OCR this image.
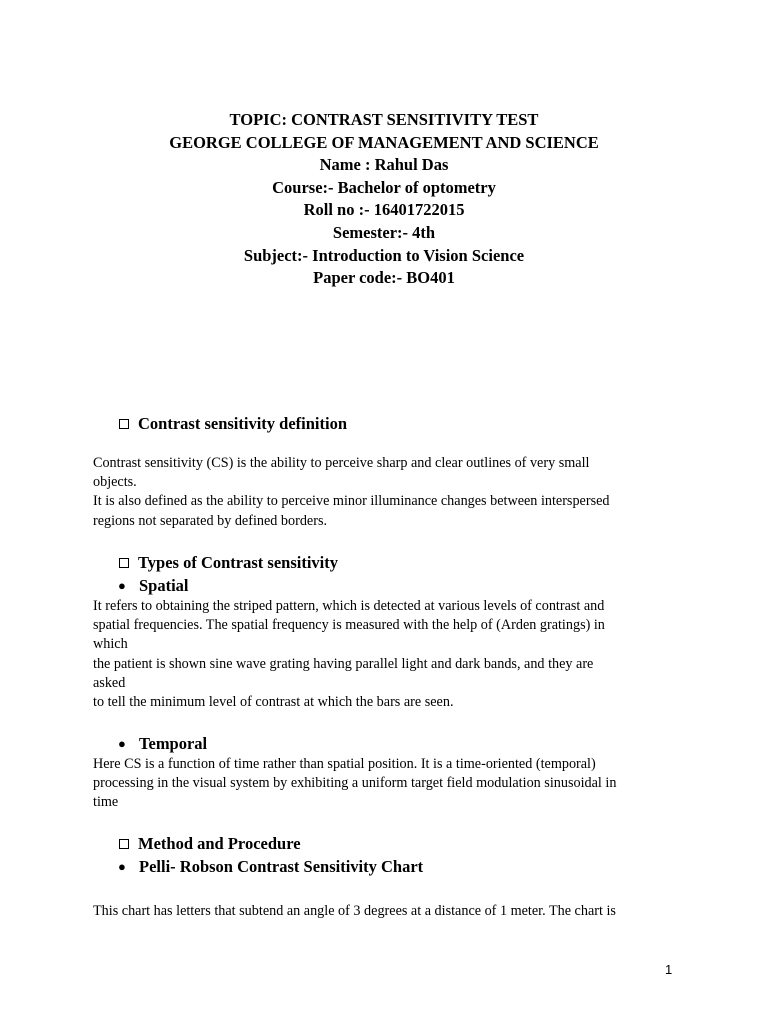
TOPIC: CONTRAST SENSITIVITY TEST

GEORGE COLLEGE OF MANAGEMENT AND SCIENCE

Name : Rahul Das

Course:- Bachelor of optometry

Roll no :- 16401722015

Semester:- 4th

Subject:- Introduction to Vision Science

Paper code:- BO401

Contrast sensitivity definition
Contrast sensitivity (CS) is the ability to perceive sharp and clear outlines of very small
objects.
It is also defined as the ability to perceive minor illuminance changes between interspersed
regions not separated by defined borders.
Types of Contrast sensitivity
● Spatial
It refers to obtaining the striped pattern, which is detected at various levels of contrast and
spatial frequencies. The spatial frequency is measured with the help of (Arden gratings) in
which
the patient is shown sine wave grating having parallel light and dark bands, and they are
asked
to tell the minimum level of contrast at which the bars are seen.
● Temporal
Here CS is a function of time rather than spatial position. It is a time-oriented (temporal)
processing in the visual system by exhibiting a uniform target field modulation sinusoidal in
time
Method and Procedure
● Pelli- Robson Contrast Sensitivity Chart
This chart has letters that subtend an angle of 3 degrees at a distance of 1 meter. The chart is
1
